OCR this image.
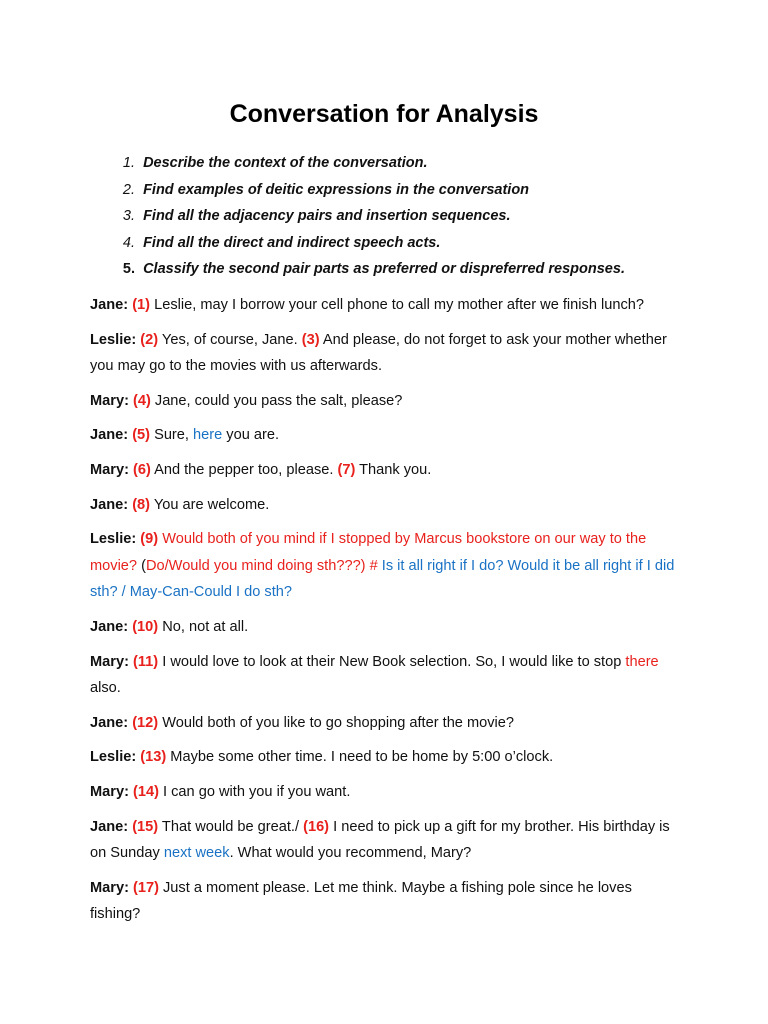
Conversation for Analysis
1. Describe the context of the conversation.
2. Find examples of deitic expressions in the conversation
3. Find all the adjacency pairs and insertion sequences.
4. Find all the direct and indirect speech acts.
5. Classify the second pair parts as preferred or dispreferred responses.

Jane: (1) Leslie, may I borrow your cell phone to call my mother after we finish lunch?

Leslie: (2) Yes, of course, Jane. (3) And please, do not forget to ask your mother whether you may go to the movies with us afterwards.

Mary: (4) Jane, could you pass the salt, please?

Jane: (5) Sure, here you are.

Mary: (6) And the pepper too, please. (7) Thank you.

Jane: (8) You are welcome.

Leslie: (9) Would both of you mind if I stopped by Marcus bookstore on our way to the movie? (Do/Would you mind doing sth???) # Is it all right if I do? Would it be all right if I did sth? / May-Can-Could I do sth?

Jane: (10) No, not at all.

Mary: (11) I would love to look at their New Book selection. So, I would like to stop there also.

Jane: (12) Would both of you like to go shopping after the movie?

Leslie: (13) Maybe some other time. I need to be home by 5:00 o’clock.

Mary: (14) I can go with you if you want.

Jane: (15) That would be great./ (16) I need to pick up a gift for my brother. His birthday is on Sunday next week. What would you recommend, Mary?

Mary: (17) Just a moment please. Let me think. Maybe a fishing pole since he loves fishing?
